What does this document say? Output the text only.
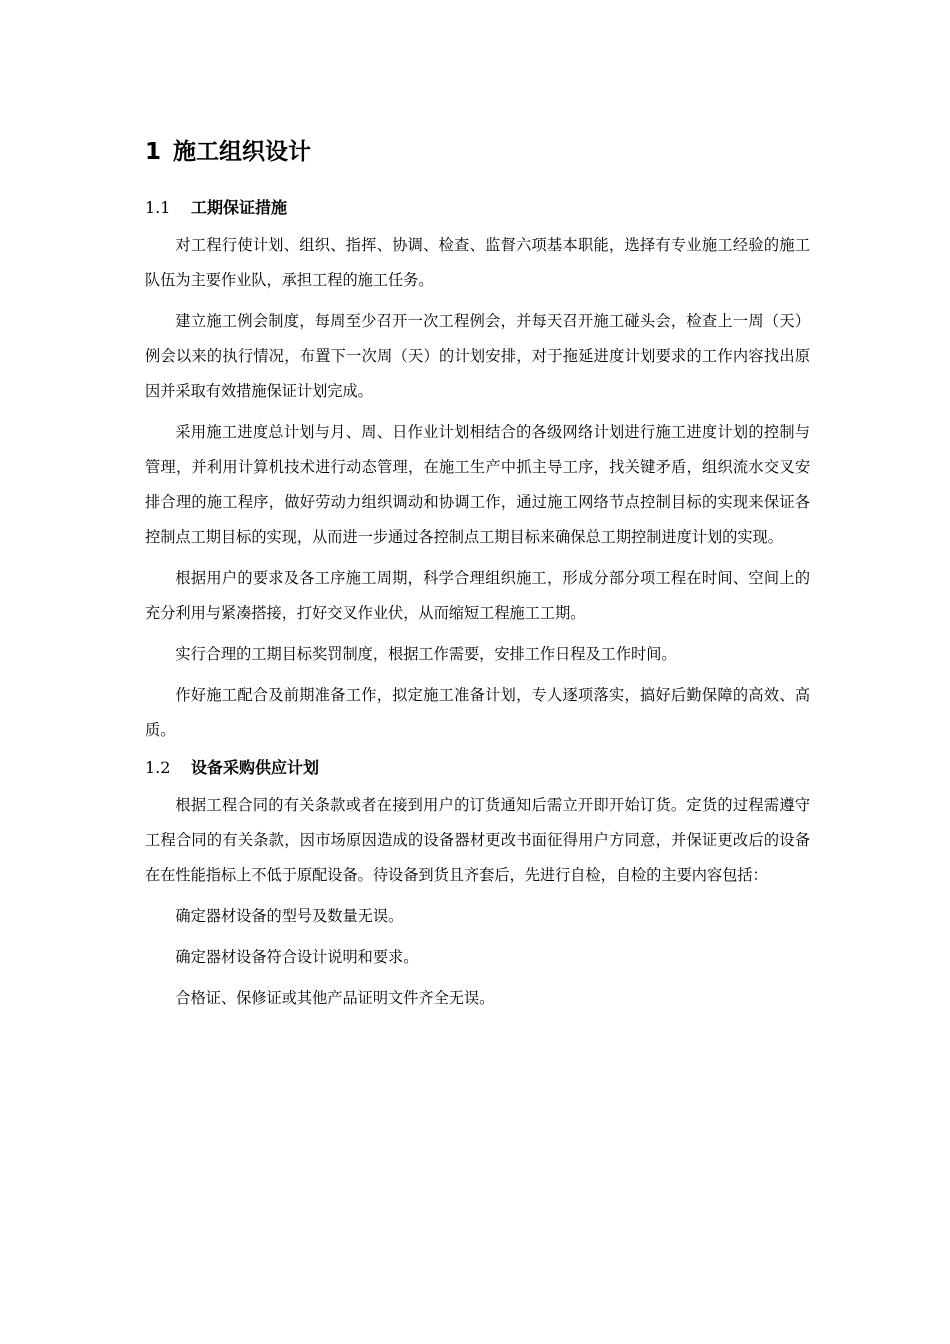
1 施工组织设计
1.1 工期保证措施

对工程行使计划、组织、指挥、协调、检查、监督六项基本职能，选择有专业施工经验的施工队伍为主要作业队，承担工程的施工任务。

建立施工例会制度，每周至少召开一次工程例会，并每天召开施工碰头会，检查上一周（天）例会以来的执行情况，布置下一次周（天）的计划安排，对于拖延进度计划要求的工作内容找出原因并采取有效措施保证计划完成。

采用施工进度总计划与月、周、日作业计划相结合的各级网络计划进行施工进度计划的控制与管理，并利用计算机技术进行动态管理，在施工生产中抓主导工序，找关键矛盾，组织流水交叉安排合理的施工程序，做好劳动力组织调动和协调工作，通过施工网络节点控制目标的实现来保证各控制点工期目标的实现，从而进一步通过各控制点工期目标来确保总工期控制进度计划的实现。

根据用户的要求及各工序施工周期，科学合理组织施工，形成分部分项工程在时间、空间上的充分利用与紧凑搭接，打好交叉作业伏，从而缩短工程施工工期。

实行合理的工期目标奖罚制度，根据工作需要，安排工作日程及工作时间。

作好施工配合及前期准备工作，拟定施工准备计划，专人逐项落实，搞好后勤保障的高效、高质。

1.2 设备采购供应计划

根据工程合同的有关条款或者在接到用户的订货通知后需立开即开始订货。定货的过程需遵守工程合同的有关条款，因市场原因造成的设备器材更改书面征得用户方同意，并保证更改后的设备在在性能指标上不低于原配设备。待设备到货且齐套后，先进行自检，自检的主要内容包括：

确定器材设备的型号及数量无误。

确定器材设备符合设计说明和要求。

合格证、保修证或其他产品证明文件齐全无误。
